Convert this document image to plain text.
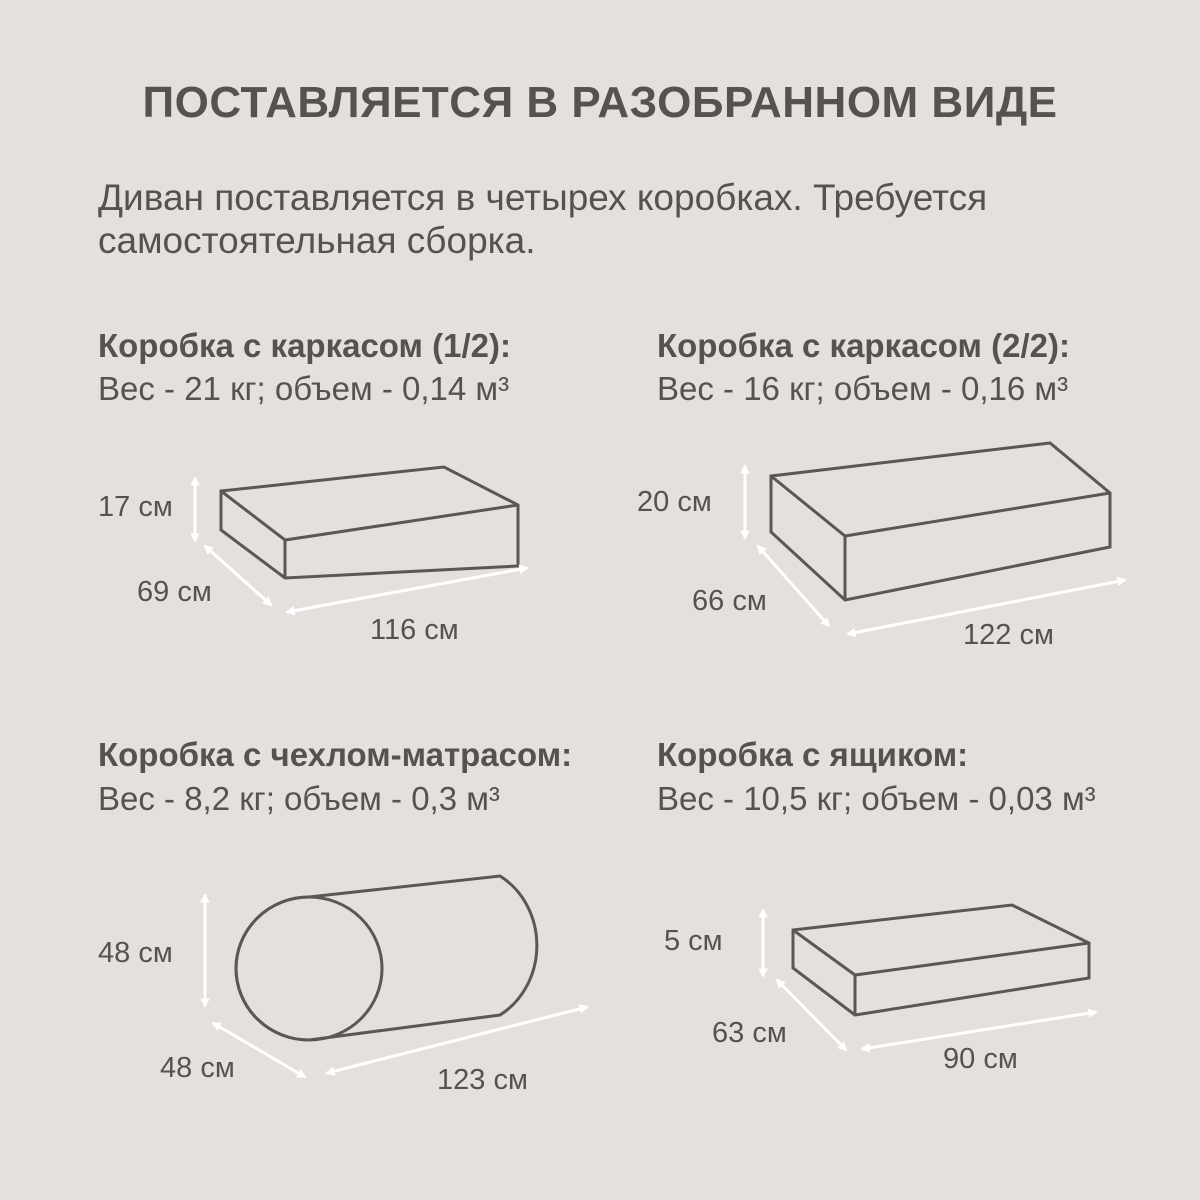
ПОСТАВЛЯЕТСЯ В РАЗОБРАННОМ ВИДЕ
Диван поставляется в четырех коробках. Требуется
самостоятельная сборка.
Коробка с каркасом (1/2):
Вес - 21 кг; объем - 0,14 м³
17 см
69 см
116 см
Коробка с каркасом (2/2):
Вес - 16 кг; объем - 0,16 м³
20 см
66 см
122 см
Коробка с чехлом-матрасом:
Вес - 8,2 кг; объем - 0,3 м³
48 см
48 см	123 см
Коробка с ящиком:
Вес - 10,5 кг; объем - 0,03 м³
5 см
63 см
90 см
